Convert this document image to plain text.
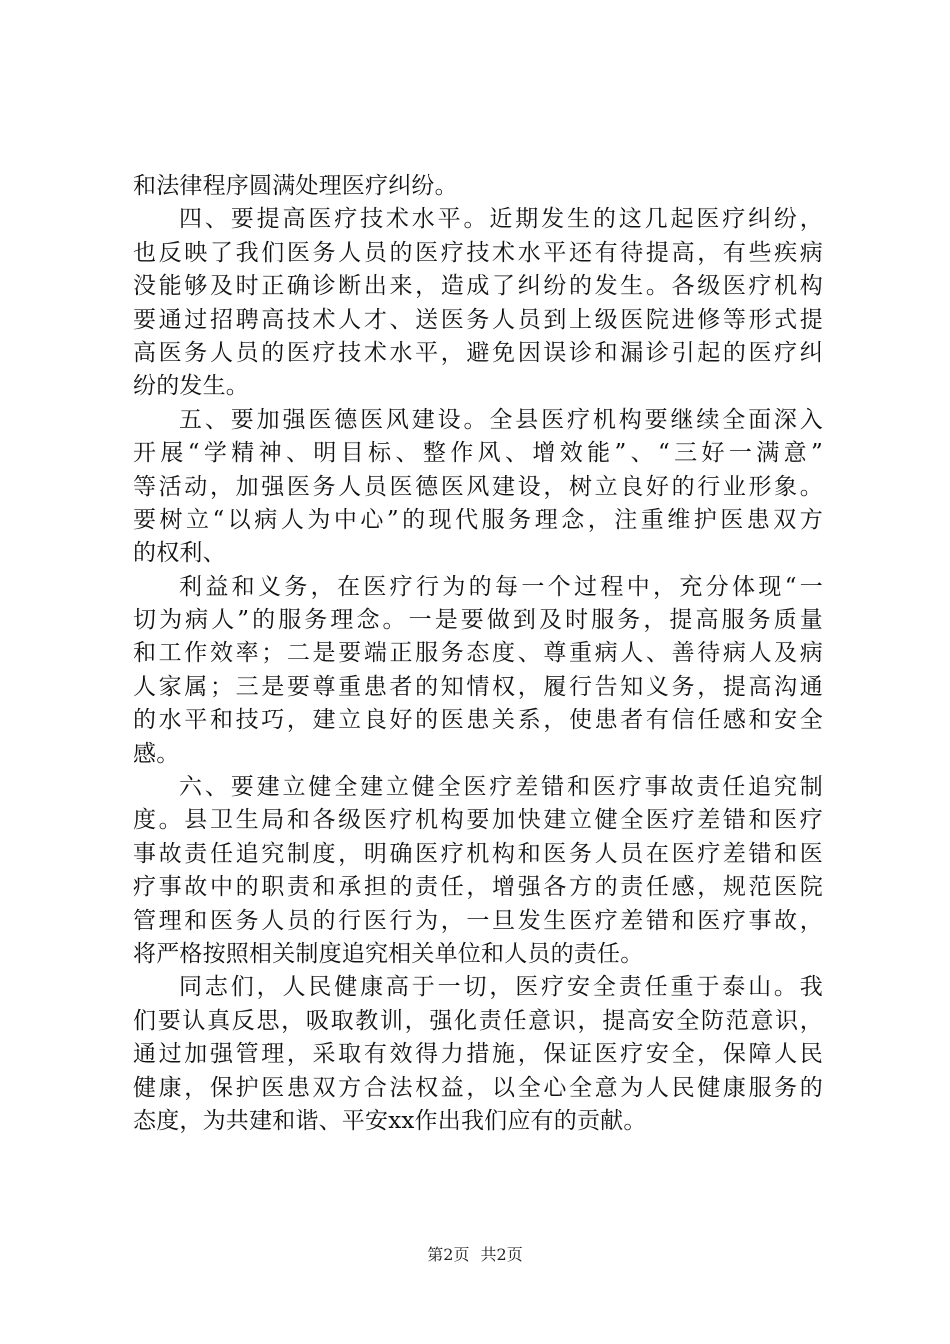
和法律程序圆满处理医疗纠纷。
四、要提高医疗技术水平。近期发生的这几起医疗纠纷，
也反映了我们医务人员的医疗技术水平还有待提高，有些疾病
没能够及时正确诊断出来，造成了纠纷的发生。各级医疗机构
要通过招聘高技术人才、送医务人员到上级医院进修等形式提
高医务人员的医疗技术水平，避免因误诊和漏诊引起的医疗纠
纷的发生。
五、要加强医德医风建设。全县医疗机构要继续全面深入
开展“学精神、明目标、整作风、增效能”、“三好一满意”
等活动，加强医务人员医德医风建设，树立良好的行业形象。
要树立“以病人为中心”的现代服务理念，注重维护医患双方
的权利、
利益和义务，在医疗行为的每一个过程中，充分体现“一
切为病人”的服务理念。一是要做到及时服务，提高服务质量
和工作效率；二是要端正服务态度、尊重病人、善待病人及病
人家属；三是要尊重患者的知情权，履行告知义务，提高沟通
的水平和技巧，建立良好的医患关系，使患者有信任感和安全
感。
六、要建立健全建立健全医疗差错和医疗事故责任追究制
度。县卫生局和各级医疗机构要加快建立健全医疗差错和医疗
事故责任追究制度，明确医疗机构和医务人员在医疗差错和医
疗事故中的职责和承担的责任，增强各方的责任感，规范医院
管理和医务人员的行医行为，一旦发生医疗差错和医疗事故，
将严格按照相关制度追究相关单位和人员的责任。
同志们，人民健康高于一切，医疗安全责任重于泰山。我
们要认真反思，吸取教训，强化责任意识，提高安全防范意识，
通过加强管理，采取有效得力措施，保证医疗安全，保障人民
健康，保护医患双方合法权益，以全心全意为人民健康服务的
态度，为共建和谐、平安xx作出我们应有的贡献。
第2页 共2页
